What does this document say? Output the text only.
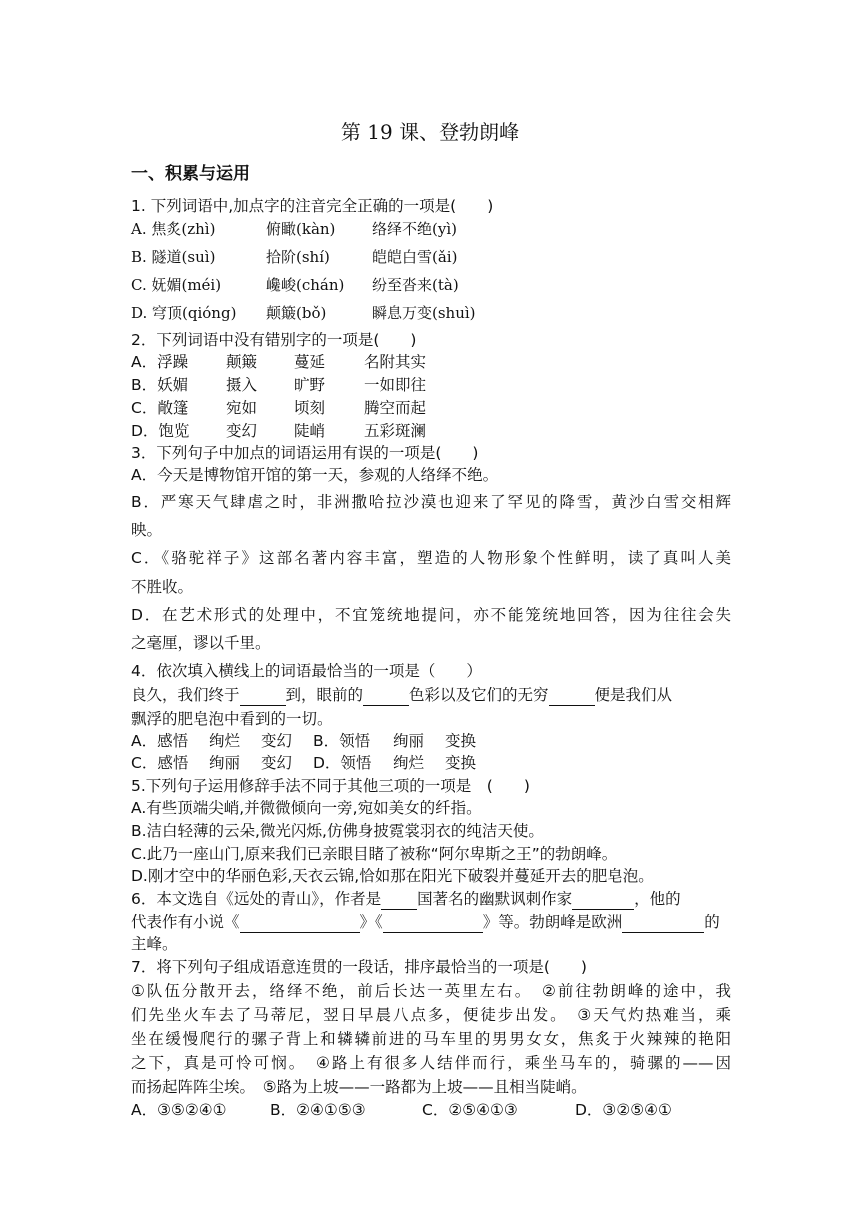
第 19 课、登勃朗峰
一、积累与运用
1. 下列词语中,加点字的注音完全正确的一项是(　　)
A. 焦炙(zhì)	俯瞰(kàn) 络绎不绝(yì)
B. 隧道(suì)	拾阶(shí)	皑皑白雪(ǎi)
C. 妩媚(méi)	巉峻(chán) 纷至沓来(tà)
D. 穹顶(qióng) 颠簸(bǒ)	瞬息万变(shuì)
2．下列词语中没有错别字的一项是(　　)
A．浮躁 颠簸 蔓延	名附其实
B．妖媚 摄入 旷野	一如即往
C．敞篷 宛如 顷刻	腾空而起
D．饱览 变幻 陡峭	五彩斑澜
3．下列句子中加点的词语运用有误的一项是(　　)
A．今天是博物馆开馆的第一天，参观的人络绎不绝。
B．严寒天气肆虐之时，非洲撒哈拉沙漠也迎来了罕见的降雪，黄沙白雪交相辉
映。
C．《骆驼祥子》这部名著内容丰富，塑造的人物形象个性鲜明，读了真叫人美
不胜收。
D．在艺术形式的处理中，不宜笼统地提问，亦不能笼统地回答，因为往往会失
之毫厘，谬以千里。
4．依次填入横线上的词语最恰当的一项是（　　）
良久，我们终于	到，眼前的	色彩以及它们的无穷	便是我们从
飘浮的肥皂泡中看到的一切。
A．感悟 绚烂 变幻 B．领悟 绚丽 变换
C．感悟 绚丽 变幻 D．领悟 绚烂 变换
5.下列句子运用修辞手法不同于其他三项的一项是　(　　)
A.有些顶端尖峭,并微微倾向一旁,宛如美女的纤指。
B.洁白轻薄的云朵,微光闪烁,仿佛身披霓裳羽衣的纯洁天使。
C.此乃一座山门,原来我们已亲眼目睹了被称“阿尔卑斯之王”的勃朗峰。
D.刚才空中的华丽色彩,天衣云锦,恰如那在阳光下破裂并蔓延开去的肥皂泡。
6．本文选自《远处的青山》，作者是 国著名的幽默讽刺作家	，他的
代表作有小说《	》《	》等。勃朗峰是欧洲	的
主峰。
7．将下列句子组成语意连贯的一段话，排序最恰当的一项是(　　)
①队伍分散开去，络绎不绝，前后长达一英里左右。　②前往勃朗峰的途中，我
们先坐火车去了马蒂尼，翌日早晨八点多，便徒步出发。　③天气灼热难当，乘
坐在缓慢爬行的骡子背上和辚辚前进的马车里的男男女女，焦炙于火辣辣的艳阳
之下，真是可怜可悯。　④路上有很多人结伴而行，乘坐马车的，骑骡的——因
而扬起阵阵尘埃。　⑤路为上坡——一路都为上坡——且相当陡峭。
A．③⑤②④①	B．②④①⑤③	C．②⑤④①③	D．③②⑤④①
